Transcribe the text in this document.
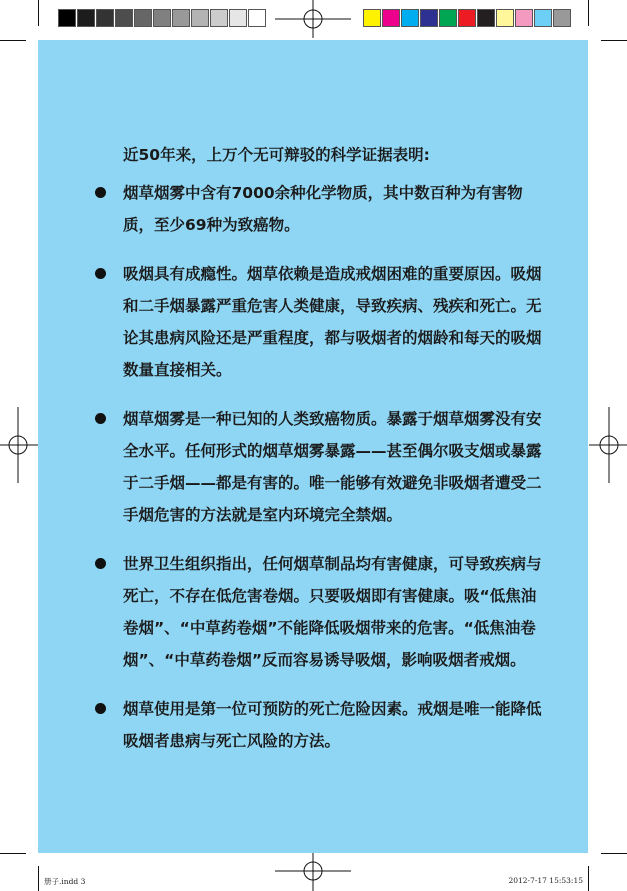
近50年来，上万个无可辩驳的科学证据表明:
烟草烟雾中含有7000余种化学物质，其中数百种为有害物质，至少69种为致癌物。
吸烟具有成瘾性。烟草依赖是造成戒烟困难的重要原因。吸烟和二手烟暴露严重危害人类健康，导致疾病、残疾和死亡。无论其患病风险还是严重程度，都与吸烟者的烟龄和每天的吸烟数量直接相关。
烟草烟雾是一种已知的人类致癌物质。暴露于烟草烟雾没有安全水平。任何形式的烟草烟雾暴露——甚至偶尔吸支烟或暴露于二手烟——都是有害的。唯一能够有效避免非吸烟者遭受二手烟危害的方法就是室内环境完全禁烟。
世界卫生组织指出，任何烟草制品均有害健康，可导致疾病与死亡，不存在低危害卷烟。只要吸烟即有害健康。吸“低焦油卷烟”、“中草药卷烟”不能降低吸烟带来的危害。“低焦油卷烟”、“中草药卷烟”反而容易诱导吸烟，影响吸烟者戒烟。
烟草使用是第一位可预防的死亡危险因素。戒烟是唯一能降低吸烟者患病与死亡风险的方法。
册子.indd 3	2012-7-17 15:53:15
